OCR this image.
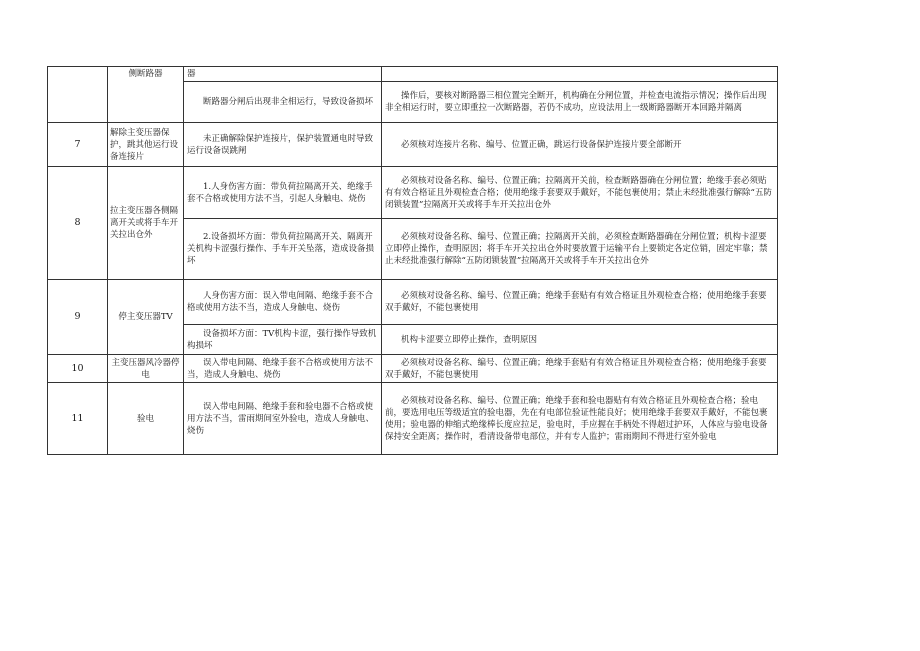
	侧断路器	器	
		断路器分闸后出现非全相运行，导致设备损坏	操作后，要核对断路器三相位置完全断开，机构确在分闸位置，并检查电流指示情况；操作后出现非全相运行时，要立即重拉一次断路器，若仍不成功，应设法用上一级断路器断开本回路并隔离
7	解除主变压器保护，跳其他运行设备连接片	未正确解除保护连接片，保护装置通电时导致运行设备误跳闸	必须核对连接片名称、编号、位置正确，跳运行设备保护连接片要全部断开
8	拉主变压器各侧隔离开关或将手车开关拉出仓外	1.人身伤害方面：带负荷拉隔离开关、绝缘手套不合格或使用方法不当，引起人身触电、烧伤	必须核对设备名称、编号、位置正确；拉隔离开关前，检查断路器确在分闸位置；绝缘手套必须贴有有效合格证且外观检查合格；使用绝缘手套要双手戴好，不能包裹使用；禁止未经批准强行解除“五防闭锁装置”拉隔离开关或将手车开关拉出仓外
		2.设备损坏方面：带负荷拉隔离开关、隔离开关机构卡涩强行操作、手车开关坠落，造成设备损坏	必须核对设备名称、编号、位置正确；拉隔离开关前，必须检查断路器确在分闸位置；机构卡涩要立即停止操作，查明原因；将手车开关拉出仓外时要放置于运输平台上要锁定各定位销，固定牢靠；禁止未经批准强行解除“五防闭锁装置”拉隔离开关或将手车开关拉出仓外
9	停主变压器TV	人身伤害方面：误入带电间隔、绝缘手套不合格或使用方法不当，造成人身触电、烧伤	必须核对设备名称、编号、位置正确；绝缘手套贴有有效合格证且外观检查合格；使用绝缘手套要双手戴好，不能包裹使用
		设备损坏方面：TV机构卡涩，强行操作导致机构损坏	机构卡涩要立即停止操作，查明原因
10	主变压器风冷器停电	误入带电间隔、绝缘手套不合格或使用方法不当，造成人身触电、烧伤	必须核对设备名称、编号、位置正确；绝缘手套贴有有效合格证且外观检查合格；使用绝缘手套要双手戴好，不能包裹使用
11	验电	误入带电间隔、绝缘手套和验电器不合格或使用方法不当，雷雨期间室外验电，造成人身触电、烧伤	必须核对设备名称、编号、位置正确；绝缘手套和验电器贴有有效合格证且外观检查合格；验电前，要选用电压等级适宜的验电器，先在有电部位验证性能良好；使用绝缘手套要双手戴好，不能包裹使用；验电器的伸缩式绝缘棒长度应拉足，验电时，手应握在手柄处不得超过护环，人体应与验电设备保持安全距离；操作时，看清设备带电部位，并有专人监护；雷雨期间不得进行室外验电
